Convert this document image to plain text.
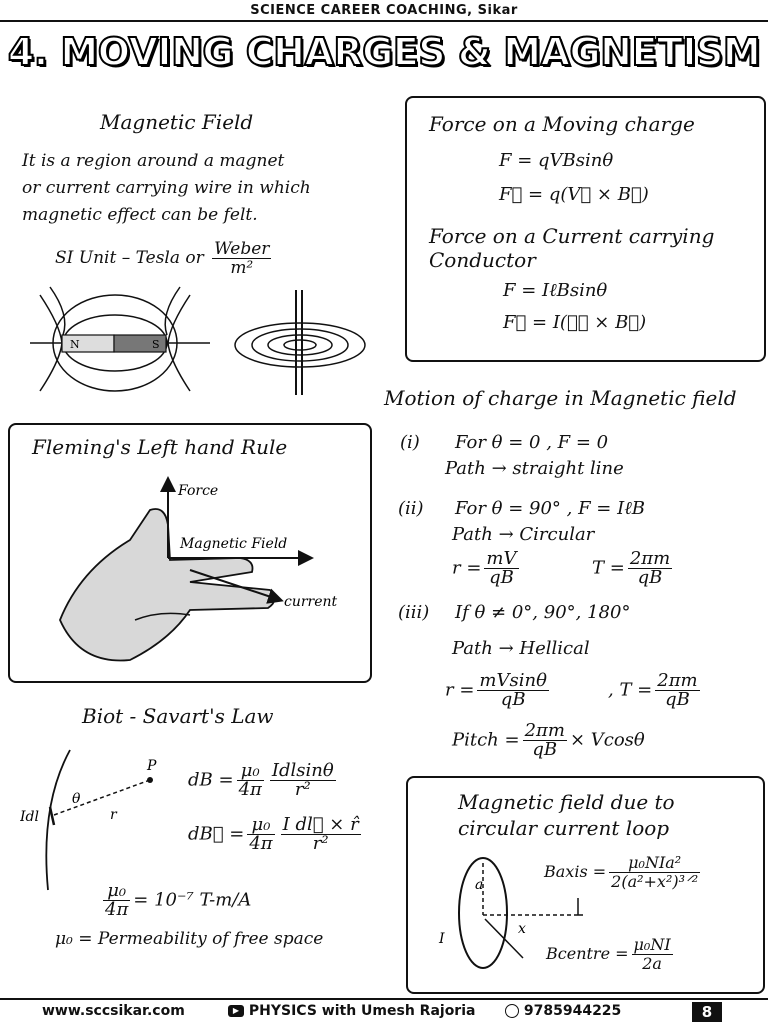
SCIENCE CAREER COACHING, Sikar
4. MOVING CHARGES & MAGNETISM
Magnetic Field
It is a region around a magnet
or current carrying wire in which
magnetic effect can be felt.
SI Unit – Tesla or $\frac{\text{Weber}}{\text{m²}}$
N	S
Force on a Moving charge
F = qVBsinθ
F⃗ = q(V⃗ × B⃗)
Force on a Current carrying
Conductor
F = IℓBsinθ
F⃗ = I(ℓ⃗ × B⃗)
Fleming's Left hand Rule
Force
Magnetic Field
current
Motion of charge in Magnetic field
(i) For θ = 0 , F = 0
Path → straight line
(ii) For θ = 90° , F = IℓB
Path → Circular
$r = \frac{mV}{qB}$	$T = \frac{2\pi m}{qB}$
(iii) If θ ≠ 0°, 90°, 180°
Path → Hellical
$r = \frac{mVsin\theta}{qB}$	, $T = \frac{2\pi m}{qB}$
Pitch = $\frac{2\pi m}{qB} \times Vcos\theta$
Biot - Savart's Law
P
θ
r
Idl
dB = $\frac{\text{μ₀}}{4\pi} \frac{\text{Idlsinθ}}{\text{r²}}$
dB⃗ = $\frac{\text{μ₀}}{4\pi} \frac{\text{I dl⃗ × r̂}}{\text{r²}}$
$\frac{\text{μ₀}}{4\pi} = 10^{-7}$ T-m/A
μ₀ = Permeability of free space
Magnetic field due to
circular current loop
a
x
I
Baxis = $\frac{\text{μ₀NIa²}}{\text{2(a²+x²)³ᐟ²}}$
Bcentre = $\frac{\text{μ₀NI}}{2a}$
www.sccsikar.com	▶ PHYSICS with Umesh Rajoria	9785944225	8
